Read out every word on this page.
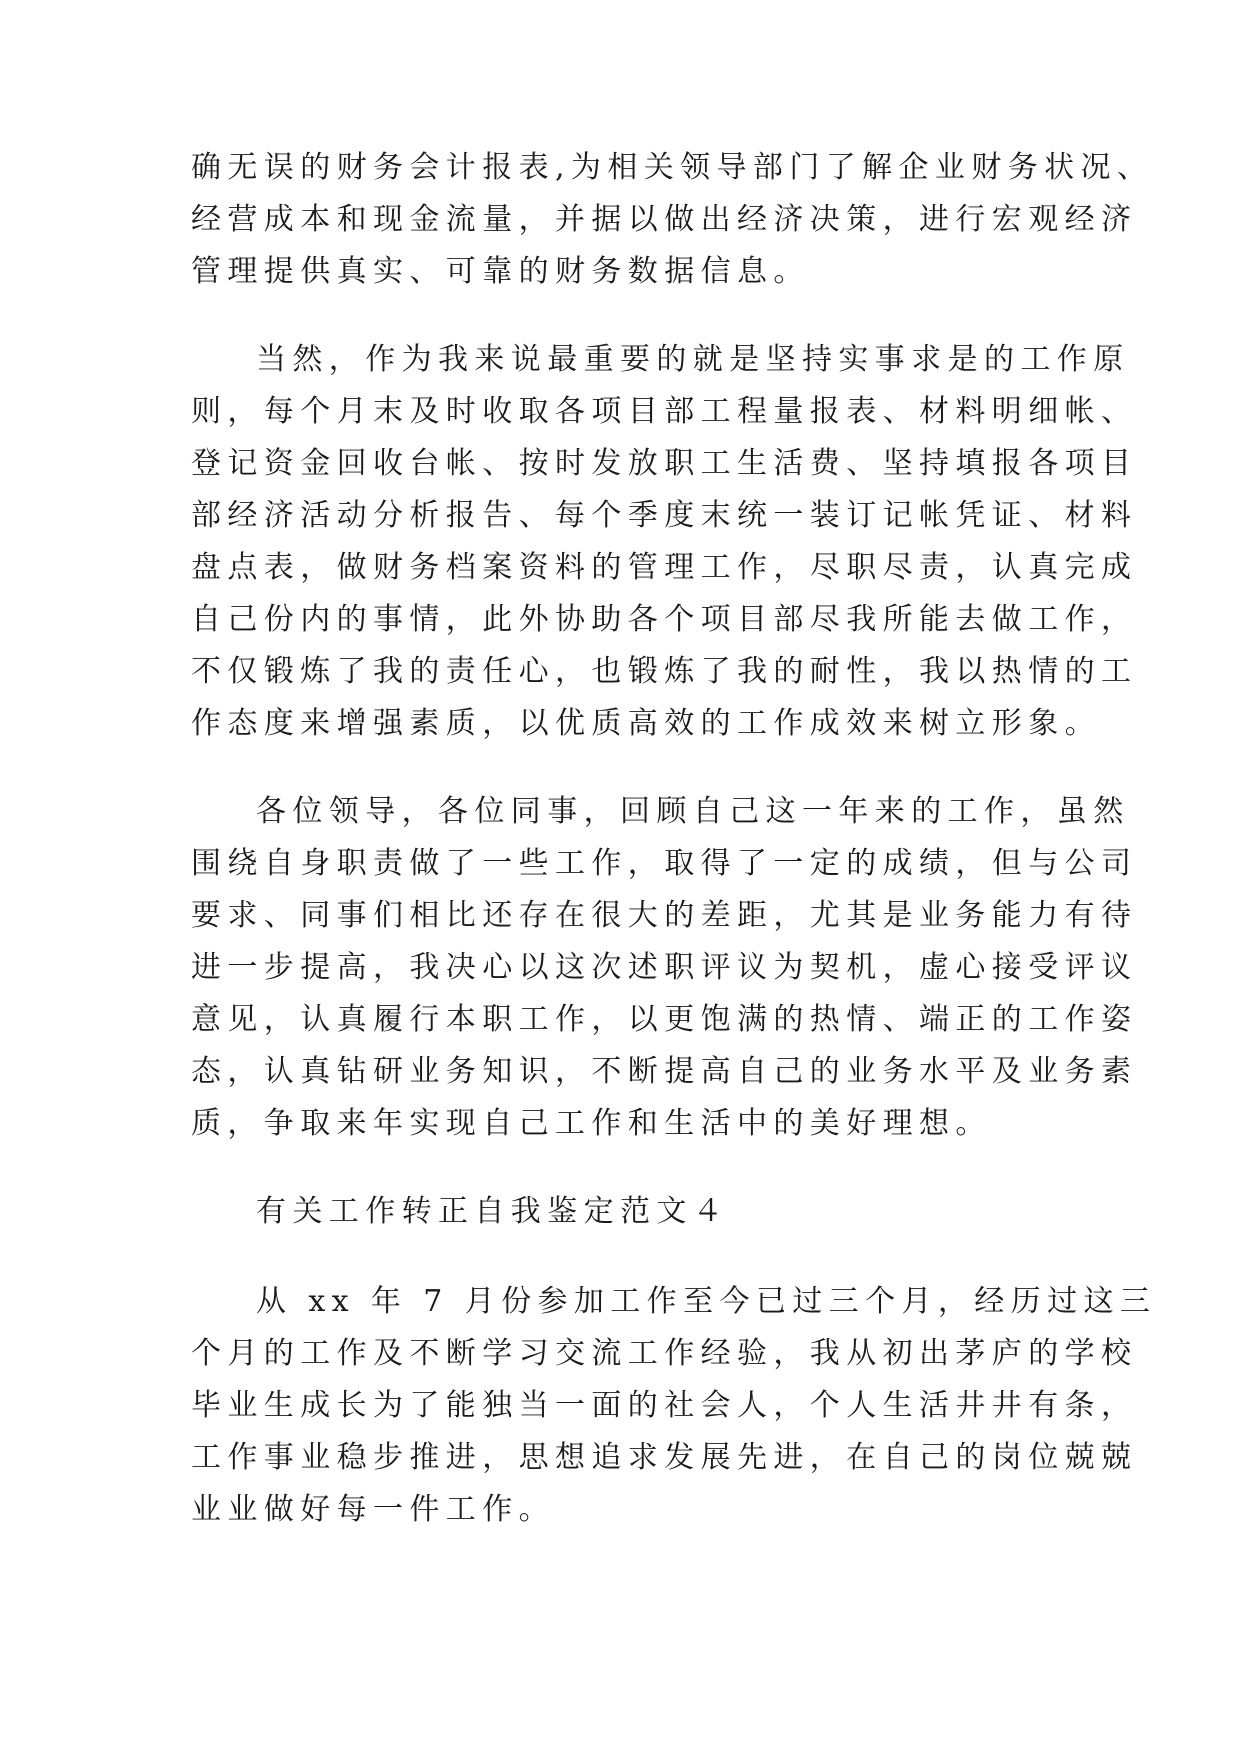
确无误的财务会计报表,为相关领导部门了解企业财务状况、
经营成本和现金流量，并据以做出经济决策，进行宏观经济
管理提供真实、可靠的财务数据信息。
当然，作为我来说最重要的就是坚持实事求是的工作原
则，每个月末及时收取各项目部工程量报表、材料明细帐、
登记资金回收台帐、按时发放职工生活费、坚持填报各项目
部经济活动分析报告、每个季度末统一装订记帐凭证、材料
盘点表，做财务档案资料的管理工作，尽职尽责，认真完成
自己份内的事情，此外协助各个项目部尽我所能去做工作，
不仅锻炼了我的责任心，也锻炼了我的耐性，我以热情的工
作态度来增强素质，以优质高效的工作成效来树立形象。
各位领导，各位同事，回顾自己这一年来的工作，虽然
围绕自身职责做了一些工作，取得了一定的成绩，但与公司
要求、同事们相比还存在很大的差距，尤其是业务能力有待
进一步提高，我决心以这次述职评议为契机，虚心接受评议
意见，认真履行本职工作，以更饱满的热情、端正的工作姿
态，认真钻研业务知识，不断提高自己的业务水平及业务素
质，争取来年实现自己工作和生活中的美好理想。
有关工作转正自我鉴定范文４
从 xx 年 7 月份参加工作至今已过三个月，经历过这三
个月的工作及不断学习交流工作经验，我从初出茅庐的学校
毕业生成长为了能独当一面的社会人，个人生活井井有条，
工作事业稳步推进，思想追求发展先进，在自己的岗位兢兢
业业做好每一件工作。
